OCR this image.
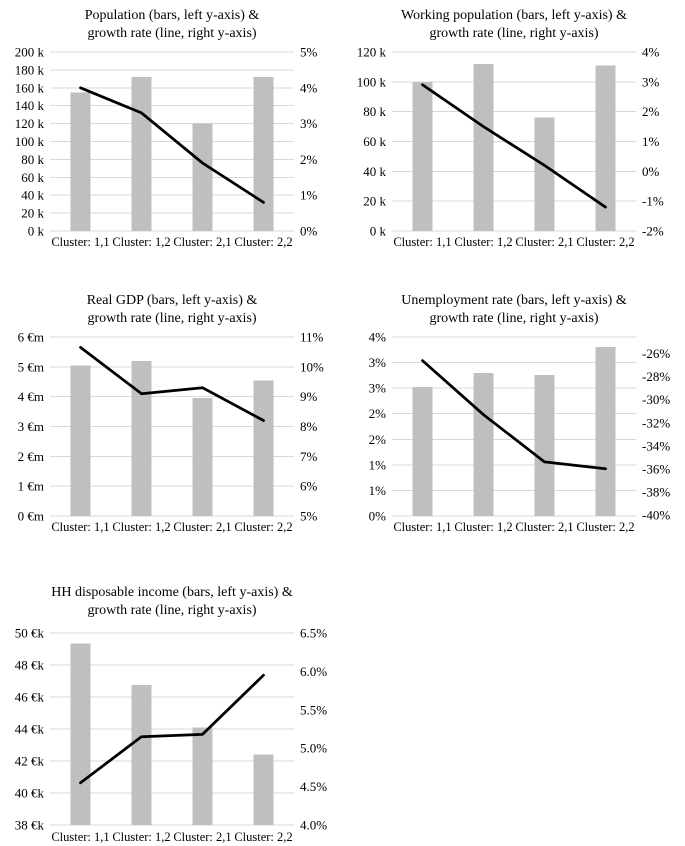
Population (bars, left y-axis) &
growth rate (line, right y-axis)
200 k
180 k
160 k
140 k
120 k
100 k
80 k
60 k
40 k
20 k
0 k
5%
4%
3%
2%
1%
0%
Cluster: 1,1 Cluster: 1,2 Cluster: 2,1 Cluster: 2,2
Working population (bars, left y-axis) &
growth rate (line, right y-axis)
120 k
100 k
80 k
60 k
40 k
20 k
0 k
4%
3%
2%
1%
0%
-1%
-2%
Cluster: 1,1 Cluster: 1,2 Cluster: 2,1 Cluster: 2,2
Real GDP (bars, left y-axis) &
growth rate (line, right y-axis)
6 €m
5 €m
4 €m
3 €m
2 €m
1 €m
0 €m
11%
10%
9%
8%
7%
6%
5%
Cluster: 1,1 Cluster: 1,2 Cluster: 2,1 Cluster: 2,2
Unemployment rate (bars, left y-axis) &
growth rate (line, right y-axis)
4%
3%
3%
2%
2%
1%
1%
0%
-26%
-28%
-30%
-32%
-34%
-36%
-38%
-40%
Cluster: 1,1 Cluster: 1,2 Cluster: 2,1 Cluster: 2,2
HH disposable income (bars, left y-axis) &
growth rate (line, right y-axis)
50 €k
48 €k
46 €k
44 €k
42 €k
40 €k
38 €k
6.5%
6.0%
5.5%
5.0%
4.5%
4.0%
Cluster: 1,1 Cluster: 1,2 Cluster: 2,1 Cluster: 2,2
